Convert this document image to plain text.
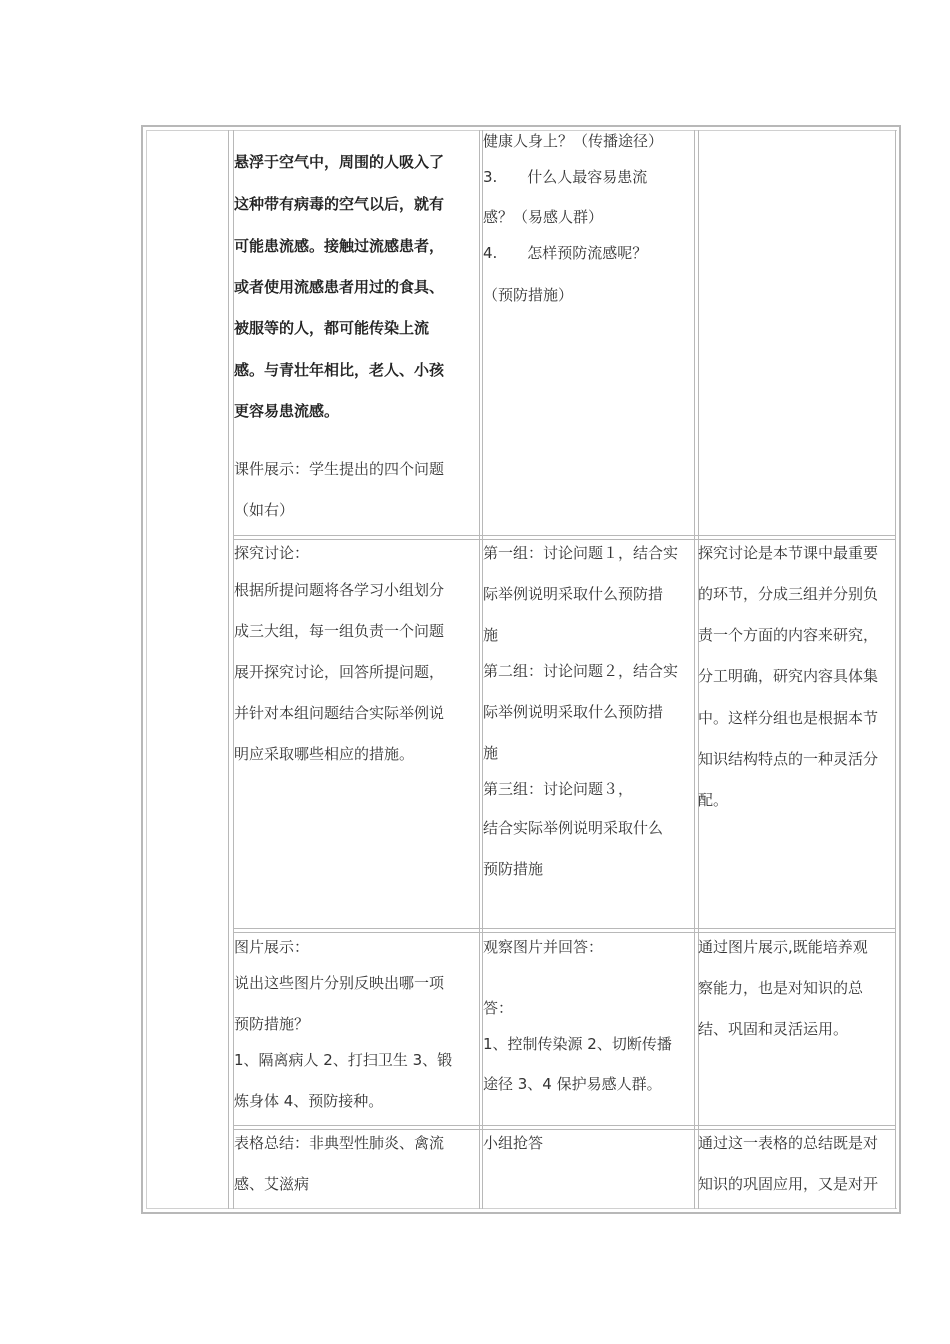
悬浮于空气中，周围的人吸入了
这种带有病毒的空气以后，就有
可能患流感。接触过流感患者，
或者使用流感患者用过的食具、
被服等的人，都可能传染上流
感。与青壮年相比，老人、小孩
更容易患流感。
课件展示：学生提出的四个问题
（如右）
健康人身上？（传播途径）
3.　　什么人最容易患流
感？（易感人群）
4.　　怎样预防流感呢？
（预防措施）
探究讨论：
根据所提问题将各学习小组划分
成三大组，每一组负责一个问题
展开探究讨论，回答所提问题，
并针对本组问题结合实际举例说
明应采取哪些相应的措施。
第一组：讨论问题１，结合实
际举例说明采取什么预防措
施
第二组：讨论问题２，结合实
际举例说明采取什么预防措
施
第三组：讨论问题３，
结合实际举例说明采取什么
预防措施
探究讨论是本节课中最重要
的环节，分成三组并分别负
责一个方面的内容来研究，
分工明确，研究内容具体集
中。这样分组也是根据本节
知识结构特点的一种灵活分
配。
图片展示：
说出这些图片分别反映出哪一项
预防措施？
1、隔离病人 2、打扫卫生 3、锻
炼身体 4、预防接种。
观察图片并回答：
答：
1、控制传染源 2、切断传播
途径 3、4 保护易感人群。
通过图片展示,既能培养观
察能力，也是对知识的总
结、巩固和灵活运用。
表格总结：非典型性肺炎、禽流
感、艾滋病
小组抢答	通过这一表格的总结既是对
知识的巩固应用，又是对开
